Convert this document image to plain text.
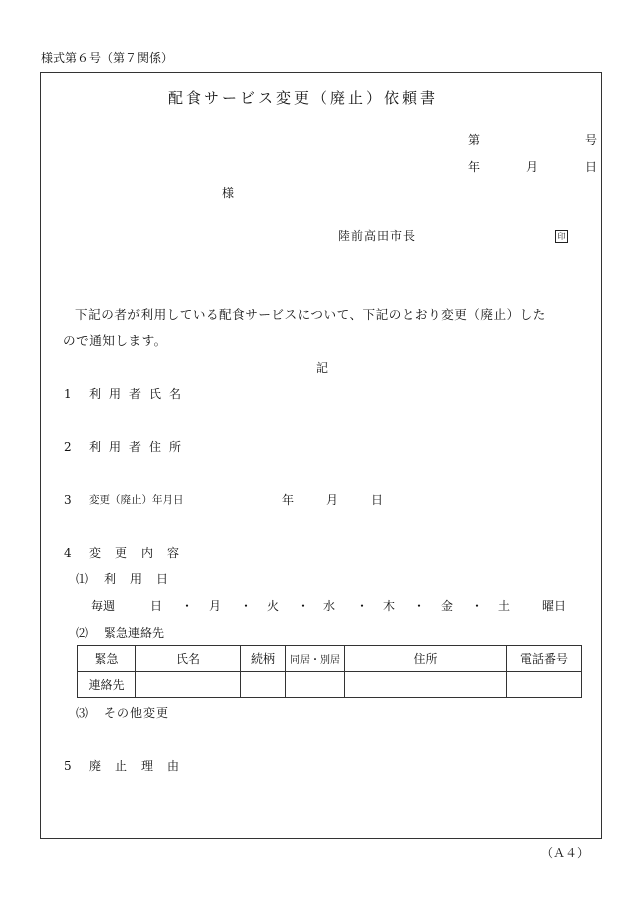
様式第６号（第７関係）
配食サービス変更（廃止）依頼書
第	号
年	月	日
様
陸前高田市長	印
下記の者が利用している配食サービスについて、下記のとおり変更（廃止）した
ので通知します。
記
1 利用者氏名
2 利用者住所
3 変更（廃止）年月日	年	月	日
4 変更内容
⑴ 利用日
毎週	日 ・ 月 ・ 火 ・ 水 ・ 木 ・ 金 ・ 土	曜日
⑵ 緊急連絡先
緊急	氏名	続柄	同居・別居	住所	電話番号
連絡先					
⑶ その他変更
5 廃止理由
（Ａ４）
